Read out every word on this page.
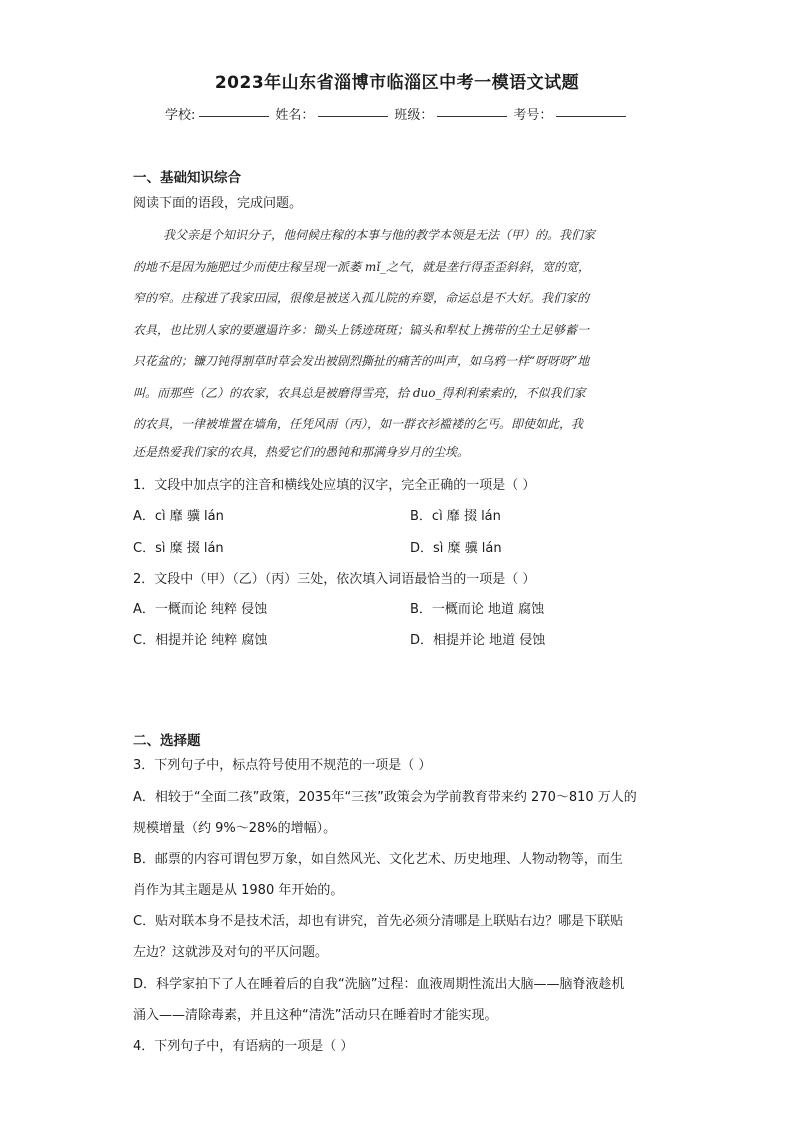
2023年山东省淄博市临淄区中考一模语文试题
学校:	姓名：	班级：	考号：
一、基础知识综合
阅读下面的语段，完成问题。
我父亲是个知识分子，他伺候庄稼的本事与他的教学本领是无法（甲）的。我们家
的地不是因为施肥过少而使庄稼呈现一派萎 mǐ_之气，就是垄行得歪歪斜斜，宽的宽，
窄的窄。庄稼进了我家田园，很像是被送入孤儿院的弃婴，命运总是不大好。我们家的
农具，也比别人家的要邋遢许多：锄头上锈迹斑斑；镐头和犁杖上携带的尘土足够蓄一
只花盆的；镰刀钝得割草时草会发出被剧烈撕扯的痛苦的叫声，如乌鸦一样“呀呀呀”地
叫。而那些（乙）的农家，农具总是被磨得雪亮，拾 duo_得利利索索的，不似我们家
的农具，一律被堆置在墙角，任凭风雨（丙），如一群衣衫褴褛的乞丐。即使如此，我
还是热爱我们家的农具，热爱它们的愚钝和那满身岁月的尘埃。
1．文段中加点字的注音和横线处应填的汉字，完全正确的一项是（ ）
A．cì 靡 骥 lán	B．cì 靡 掇 lán
C．sì 糜 掇 lán	D．sì 糜 骥 lán
2．文段中（甲）（乙）（丙）三处，依次填入词语最恰当的一项是（ ）
A．一概而论 纯粹 侵蚀	B．一概而论 地道 腐蚀
C．相提并论 纯粹 腐蚀	D．相提并论 地道 侵蚀
二、选择题
3．下列句子中，标点符号使用不规范的一项是（ ）
A．相较于“全面二孩”政策，2035年“三孩”政策会为学前教育带来约 270～810 万人的
规模增量（约 9%～28%的增幅）。
B．邮票的内容可谓包罗万象，如自然风光、文化艺术、历史地理、人物动物等，而生
肖作为其主题是从 1980 年开始的。
C．贴对联本身不是技术活，却也有讲究，首先必须分清哪是上联贴右边？哪是下联贴
左边？这就涉及对句的平仄问题。
D．科学家拍下了人在睡着后的自我“洗脑”过程：血液周期性流出大脑——脑脊液趁机
涌入——清除毒素，并且这种“清洗”活动只在睡着时才能实现。
4．下列句子中，有语病的一项是（ ）
